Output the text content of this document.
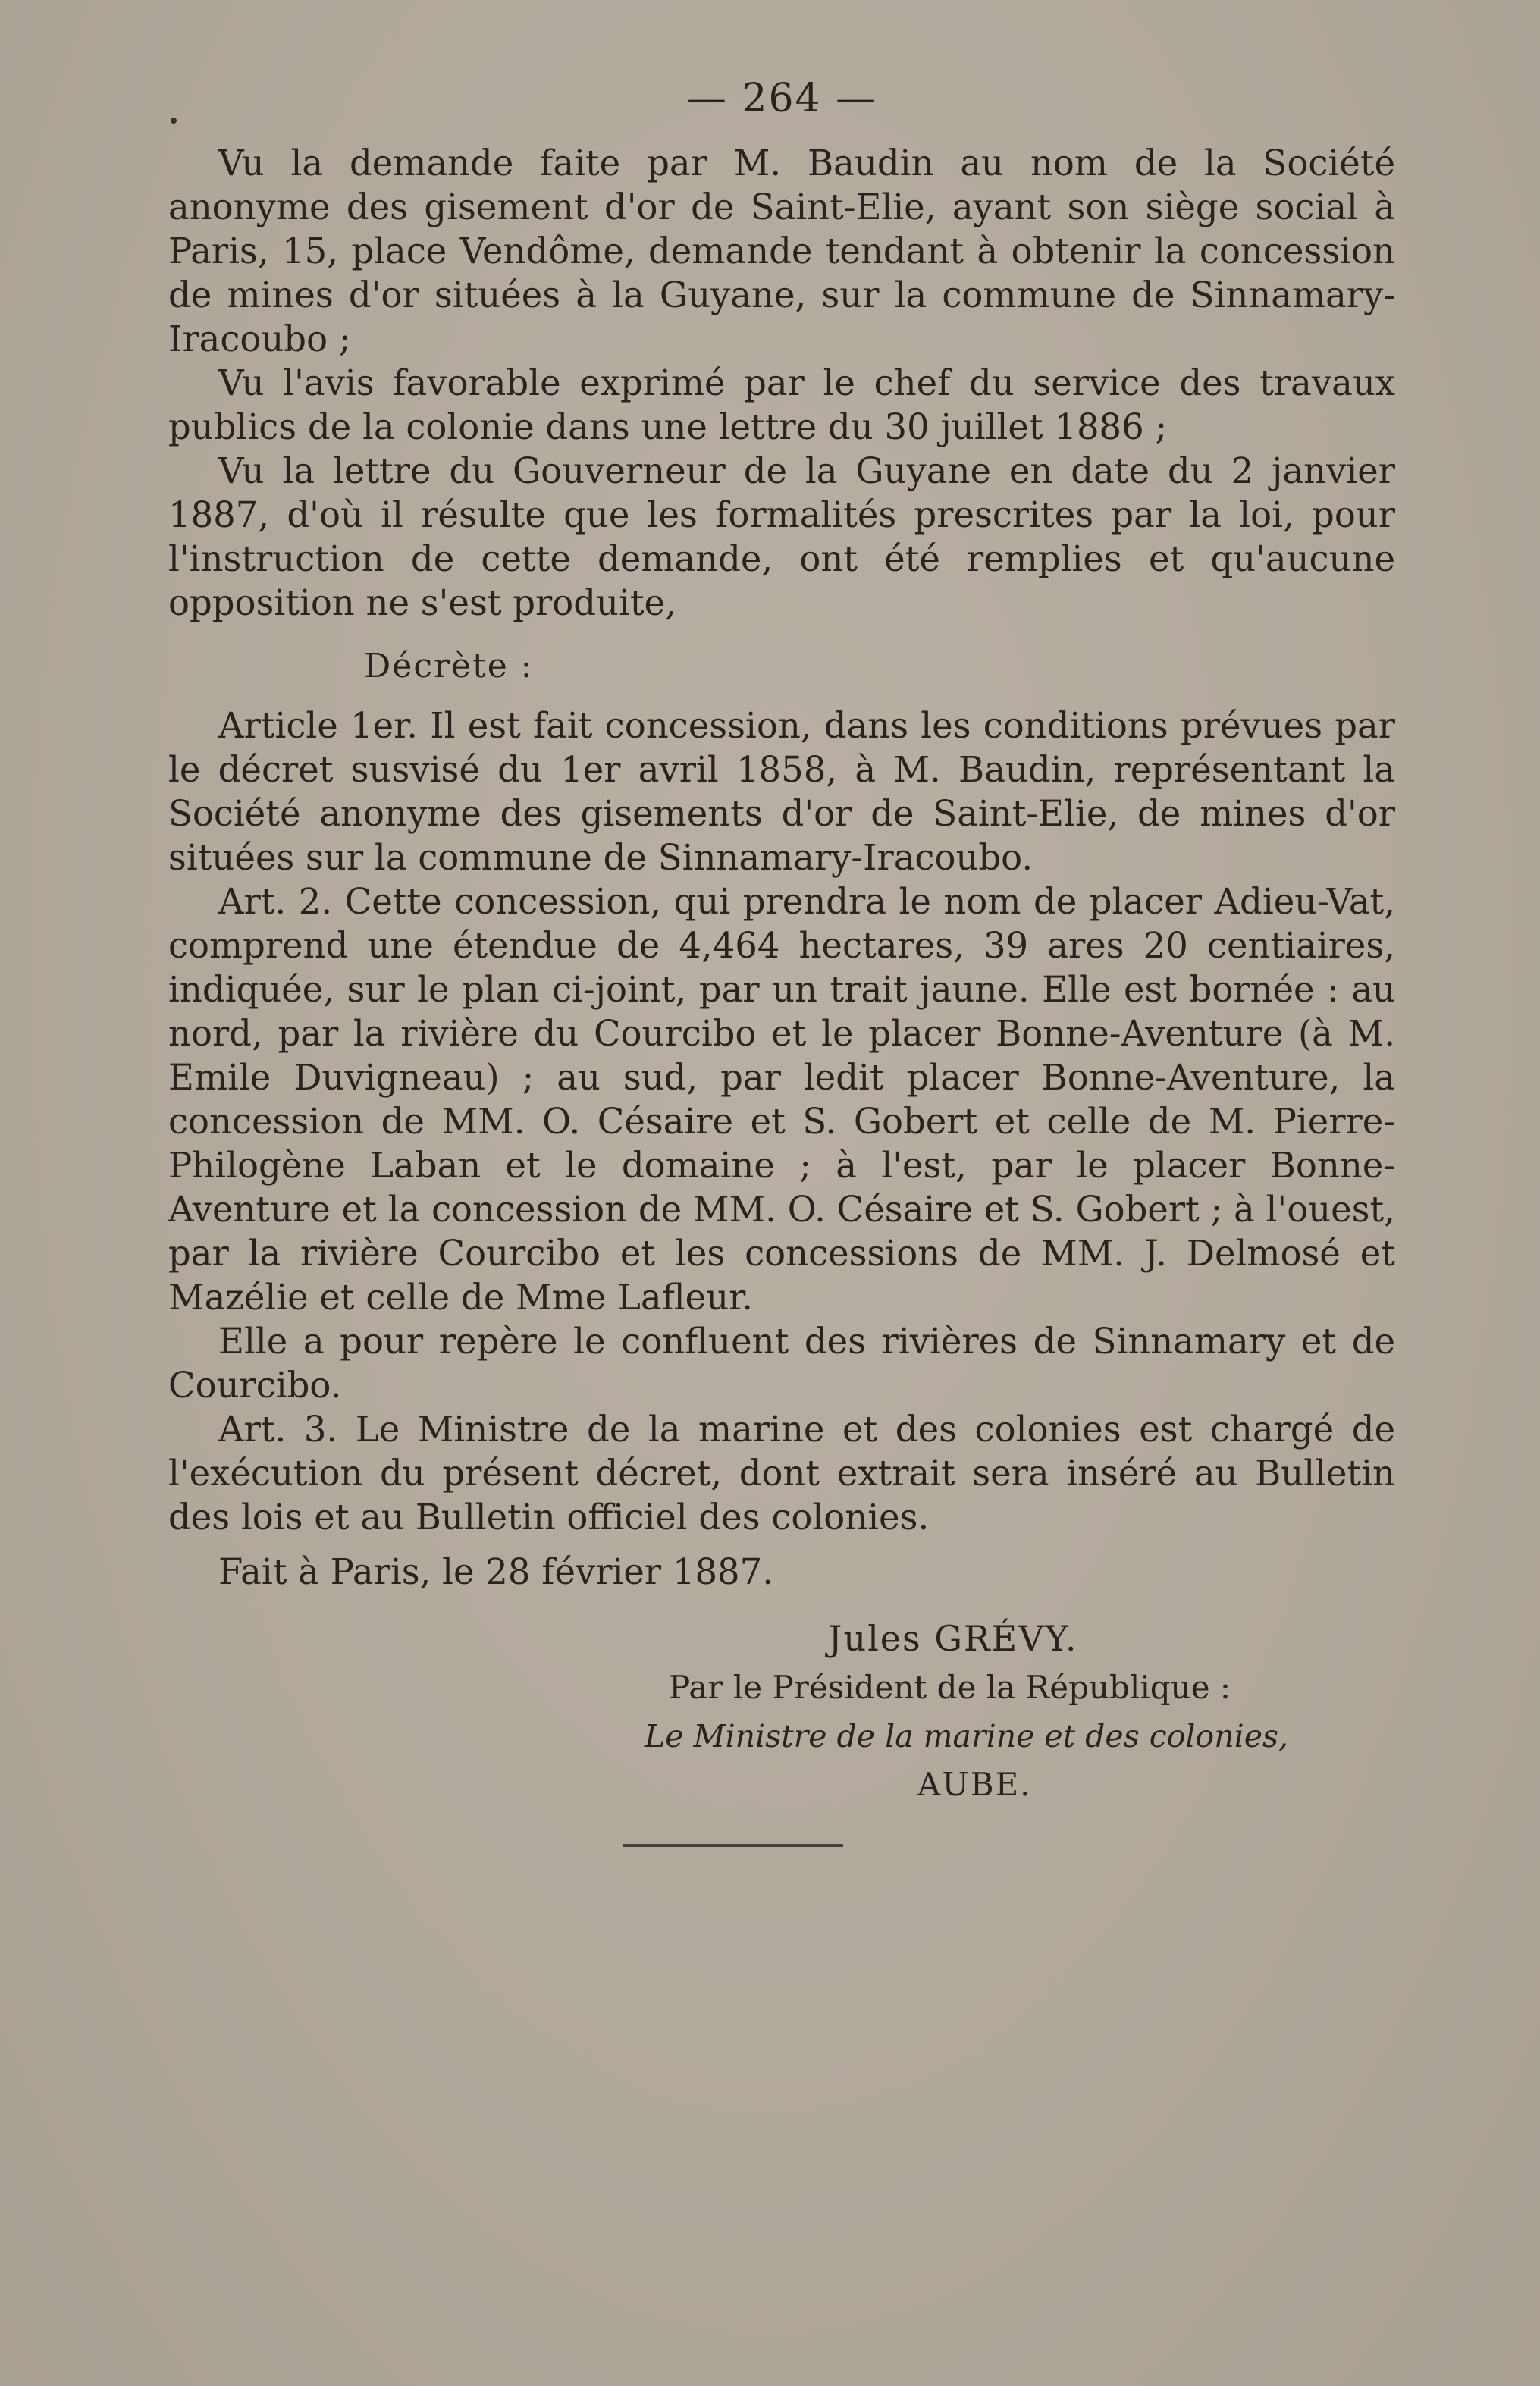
— 264 —

Vu la demande faite par M. Baudin au nom de la Société anonyme des gisement d'or de Saint-Elie, ayant son siège social à Paris, 15, place Vendôme, demande tendant à obtenir la concession de mines d'or situées à la Guyane, sur la commune de Sinnamary-Iracoubo ;

Vu l'avis favorable exprimé par le chef du service des travaux publics de la colonie dans une lettre du 30 juillet 1886 ;

Vu la lettre du Gouverneur de la Guyane en date du 2 janvier 1887, d'où il résulte que les formalités prescrites par la loi, pour l'instruction de cette demande, ont été remplies et qu'aucune opposition ne s'est produite,

Décrète :

Article 1er. Il est fait concession, dans les conditions prévues par le décret susvisé du 1er avril 1858, à M. Baudin, représentant la Société anonyme des gisements d'or de Saint-Elie, de mines d'or situées sur la commune de Sinnamary-Iracoubo.

Art. 2. Cette concession, qui prendra le nom de placer Adieu-Vat, comprend une étendue de 4,464 hectares, 39 ares 20 centiaires, indiquée, sur le plan ci-joint, par un trait jaune. Elle est bornée : au nord, par la rivière du Courcibo et le placer Bonne-Aventure (à M. Emile Duvigneau) ; au sud, par ledit placer Bonne-Aventure, la concession de MM. O. Césaire et S. Gobert et celle de M. Pierre-Philogène Laban et le domaine ; à l'est, par le placer Bonne-Aventure et la concession de MM. O. Césaire et S. Gobert ; à l'ouest, par la rivière Courcibo et les concessions de MM. J. Delmosé et Mazélie et celle de Mme Lafleur.

Elle a pour repère le confluent des rivières de Sinnamary et de Courcibo.

Art. 3. Le Ministre de la marine et des colonies est chargé de l'exécution du présent décret, dont extrait sera inséré au Bulletin des lois et au Bulletin officiel des colonies.

Fait à Paris, le 28 février 1887.
Jules GRÉVY.
Par le Président de la République :
Le Ministre de la marine et des colonies,
AUBE.
